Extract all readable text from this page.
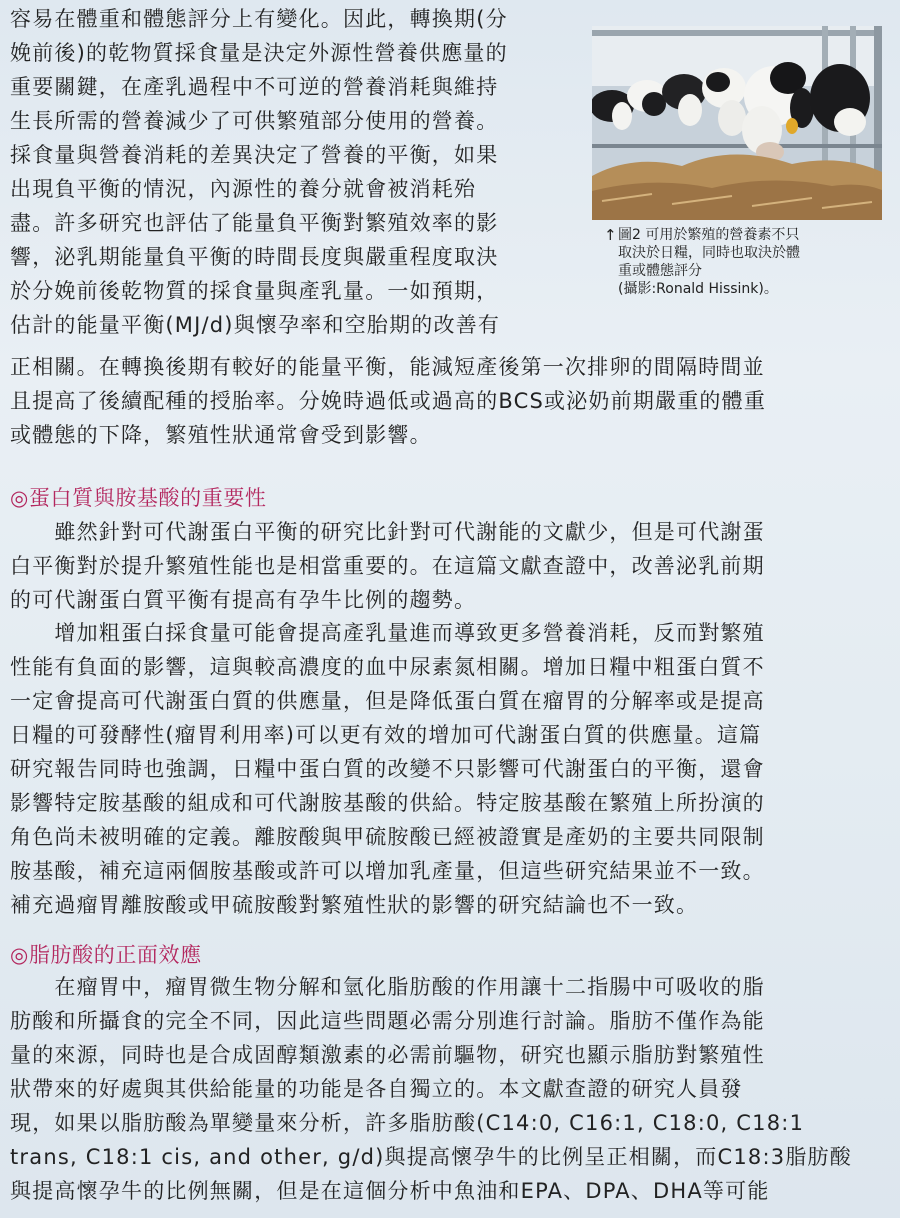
↑ 圖2 可用於繁殖的營養素不只
取決於日糧，同時也取決於體
重或體態評分
(攝影:Ronald Hissink)。
容易在體重和體態評分上有變化。因此，轉換期(分
娩前後)的乾物質採食量是決定外源性營養供應量的
重要關鍵，在產乳過程中不可逆的營養消耗與維持
生長所需的營養減少了可供繁殖部分使用的營養。
採食量與營養消耗的差異決定了營養的平衡，如果
出現負平衡的情況，內源性的養分就會被消耗殆
盡。許多研究也評估了能量負平衡對繁殖效率的影
響，泌乳期能量負平衡的時間長度與嚴重程度取決
於分娩前後乾物質的採食量與產乳量。一如預期，
估計的能量平衡(MJ/d)與懷孕率和空胎期的改善有
正相關。在轉換後期有較好的能量平衡，能減短產後第一次排卵的間隔時間並
且提高了後續配種的授胎率。分娩時過低或過高的BCS或泌奶前期嚴重的體重
或體態的下降，繁殖性狀通常會受到影響。
◎蛋白質與胺基酸的重要性
　　雖然針對可代謝蛋白平衡的研究比針對可代謝能的文獻少，但是可代謝蛋
白平衡對於提升繁殖性能也是相當重要的。在這篇文獻查證中，改善泌乳前期
的可代謝蛋白質平衡有提高有孕牛比例的趨勢。
　　增加粗蛋白採食量可能會提高產乳量進而導致更多營養消耗，反而對繁殖
性能有負面的影響，這與較高濃度的血中尿素氮相關。增加日糧中粗蛋白質不
一定會提高可代謝蛋白質的供應量，但是降低蛋白質在瘤胃的分解率或是提高
日糧的可發酵性(瘤胃利用率)可以更有效的增加可代謝蛋白質的供應量。這篇
研究報告同時也強調，日糧中蛋白質的改變不只影響可代謝蛋白的平衡，還會
影響特定胺基酸的組成和可代謝胺基酸的供給。特定胺基酸在繁殖上所扮演的
角色尚未被明確的定義。離胺酸與甲硫胺酸已經被證實是產奶的主要共同限制
胺基酸，補充這兩個胺基酸或許可以增加乳產量，但這些研究結果並不一致。
補充過瘤胃離胺酸或甲硫胺酸對繁殖性狀的影響的研究結論也不一致。
◎脂肪酸的正面效應
　　在瘤胃中，瘤胃微生物分解和氫化脂肪酸的作用讓十二指腸中可吸收的脂
肪酸和所攝食的完全不同，因此這些問題必需分別進行討論。脂肪不僅作為能
量的來源，同時也是合成固醇類激素的必需前驅物，研究也顯示脂肪對繁殖性
狀帶來的好處與其供給能量的功能是各自獨立的。本文獻查證的研究人員發
現，如果以脂肪酸為單變量來分析，許多脂肪酸(C14:0, C16:1, C18:0, C18:1
trans, C18:1 cis, and other, g/d)與提高懷孕牛的比例呈正相關，而C18:3脂肪酸
與提高懷孕牛的比例無關，但是在這個分析中魚油和EPA、DPA、DHA等可能
